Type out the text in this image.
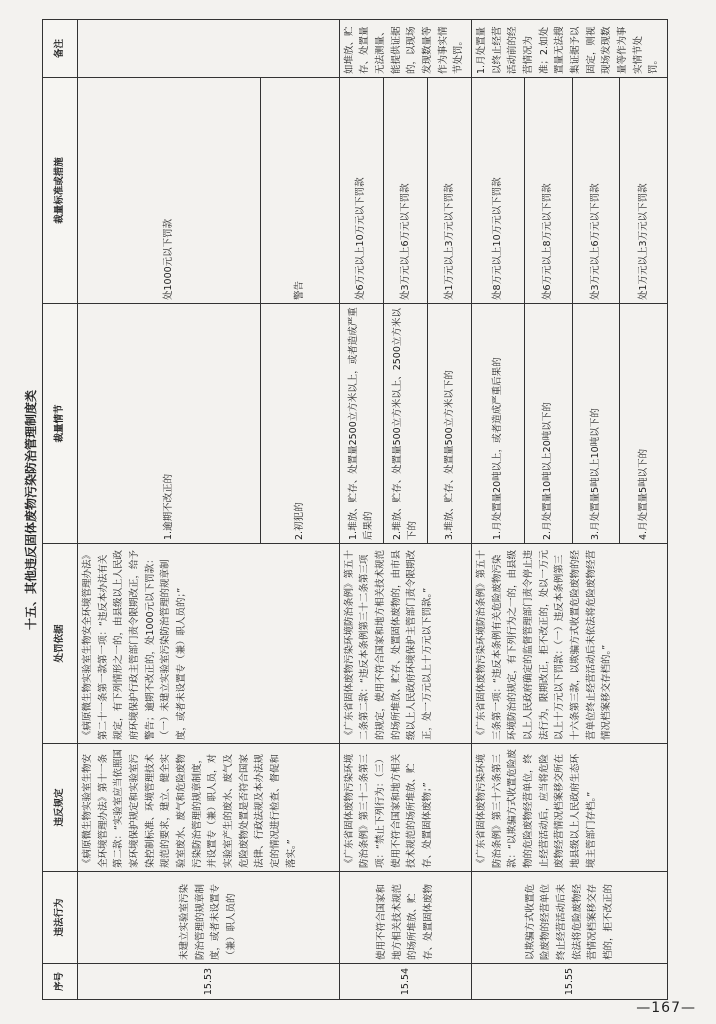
十五、其他违反固体废物污染防治管理制度类
序号	违法行为	违反规定	处罚依据	裁量情节	裁量标准或措施	备注
15.53	未建立实验室污染防治管理的规章制度，或者未设置专（兼）职人员的	《病原微生物实验室生物安全环境管理办法》第十一条第二款：“实验室应当依照国家环境保护规定和实验室污染控制标准、环境管理技术规范的要求，建立、健全实验室废水、废气和危险废物污染防治管理的规章制度，并设置专（兼）职人员，对实验室产生的废水、废气及危险废物处置是否符合国家法律、行政法规及本办法规定的情况进行检查、督促和落实。”	《病原微生物实验室生物安全环境管理办法》第二十一条第一款第一项：“违反本办法有关规定，有下列情形之一的，由县级以上人民政府环境保护行政主管部门责令限期改正，给予警告；逾期不改正的，处1000元以下罚款：（一）未建立实验室污染防治管理的规章制度，或者未设置专（兼）职人员的；”	1.逾期不改正的	处1000元以下罚款	
				2.初犯的	警告	
15.54	使用不符合国家和地方相关技术规范的场所堆放、贮存、处置固体废物	《广东省固体废物污染环境防治条例》第三十二条第三项：“禁止下列行为：（三）使用不符合国家和地方相关技术规范的场所堆放、贮存、处置固体废物；”	《广东省固体废物污染环境防治条例》第五十二条第二款：“违反本条例第三十二条第三项的规定，使用不符合国家和地方相关技术规范的场所堆放、贮存、处置固体废物的，由市县级以上人民政府环境保护主管部门责令限期改正，处一万元以上十万元以下罚款。”	1.堆放、贮存、处置量2500立方米以上，或者造成严重后果的	处6万元以上10万元以下罚款	如堆放、贮存、处置量无法测量、能提供证据的，以现场发现数量等作为事实情节处罚。
				2.堆放、贮存、处置量500立方米以上、2500立方米以下的	处3万元以上6万元以下罚款	
				3.堆放、贮存、处置量500立方米以下的	处1万元以上3万元以下罚款	
15.55	以欺骗方式收置危险废物的经营单位终止经营活动后未依法将危险废物经营情况档案移交存档的，拒不改正的	《广东省固体废物污染环境防治条例》第三十六条第三款：“以欺骗方式收置危险废物的危险废物经营单位，终止经营活动后，应当将危险废物经营情况档案移交所在地县级以上人民政府生态环境主管部门存档。”	《广东省固体废物污染环境防治条例》第五十三条第一项：“违反本条例有关危险废物污染环境防治的规定，有下列行为之一的，由县级以上人民政府确定的监督管理部门责令停止违法行为，限期改正，拒不改正的，处以一万元以上十万元以下罚款：（一）违反本条例第三十六条第三款，以欺骗方式收置危险废物的经营单位终止经营活动后未依法将危险废物经营情况档案移交存档的。”	1.月处置量20吨以上，或者造成严重后果的	处8万元以上10万元以下罚款	1.月处置量以终止经营活动前的经营情况为准；2.如处置量无法搜集证据予以固定，则视现场发现数量等作为事实情节处罚。
				2.月处置量10吨以上20吨以下的	处6万元以上8万元以下罚款	
				3.月处置量5吨以上10吨以下的	处3万元以上6万元以下罚款	
				4.月处置量5吨以下的	处1万元以上3万元以下罚款	
—167—
